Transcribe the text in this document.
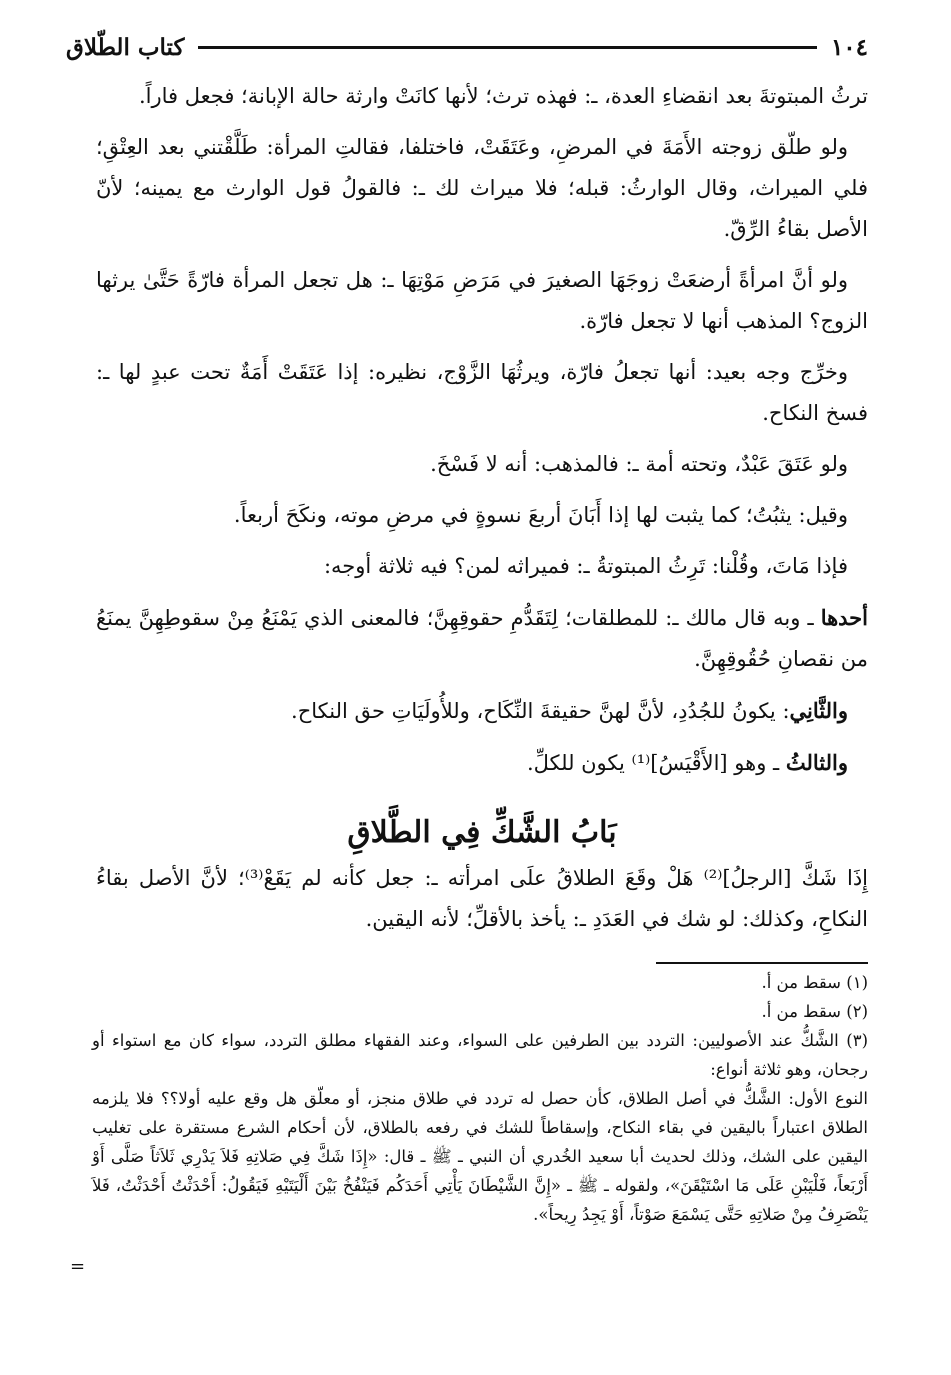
١٠٤
كتاب الطّلاق

ترثُ المبتوتةَ بعد انقضاءِ العدة، ـ: فهذه ترث؛ لأنها كانَتْ وارثة حالة الإبانة؛ فجعل فاراً.

ولو طلّق زوجته الأَمَةَ في المرضِ، وعَتَقَتْ، فاختلفا، فقالتِ المرأة: طَلَّقْتني بعد العِتْقِ؛ فلي الميراث، وقال الوارثُ: قبله؛ فلا ميراث لك ـ: فالقولُ قول الوارث مع يمينه؛ لأنّ الأصل بقاءُ الرِّقّ.

ولو أنَّ امرأةً أرضعَتْ زوجَهَا الصغيرَ في مَرَضِ مَوْتِهَا ـ: هل تجعل المرأة فارّةً حَتَّىٰ يرثها الزوج؟ المذهب أنها لا تجعل فارّة.

وخرِّج وجه بعيد: أنها تجعلُ فارّة، ويرثُهَا الزَّوْج، نظيره: إذا عَتَقَتْ أَمَةٌ تحت عبدٍ لها ـ: فسخ النكاح.

ولو عَتَقَ عَبْدٌ، وتحته أمة ـ: فالمذهب: أنه لا فَسْخَ.

وقيل: يثبُتُ؛ كما يثبت لها إذا أَبَانَ أربعَ نسوةٍ في مرضِ موته، ونكَحَ أربعاً.

فإذا مَاتَ، وقُلْنا: تَرِثُ المبتوتةُ ـ: فميراثه لمن؟ فيه ثلاثة أوجه:

أحدها ـ وبه قال مالك ـ: للمطلقات؛ لِتَقَدُّمِ حقوقِهِنَّ؛ فالمعنى الذي يَمْنَعُ مِنْ سقوطِهِنَّ يمنَعُ من نقصانِ حُقُوقِهِنَّ.

والثَّانِي: يكونُ للجُدُدِ، لأنَّ لهنَّ حقيقةَ النِّكَاح، وللأُولَيَاتِ حق النكاح.

والثالثُ ـ وهو [الأَقْيَسُ]⁽¹⁾ يكون للكلِّ.

بَابُ الشَّكِّ فِي الطَّلاقِ

إِذَا شَكَّ [الرجلُ]⁽²⁾ هَلْ وقَعَ الطلاقُ علَى امرأته ـ: جعل كأنه لم يَقَعْ⁽³⁾؛ لأنَّ الأصل بقاءُ النكاحِ، وكذلك: لو شك في العَدَدِ ـ: يأخذ بالأقلِّ؛ لأنه اليقين.

(١) سقط من أ.

(٢) سقط من أ.

(٣) الشَّكُّ عند الأصوليين: التردد بين الطرفين على السواء، وعند الفقهاء مطلق التردد، سواء كان مع استواء أو رجحان، وهو ثلاثة أنواع:

النوع الأول: الشَّكُّ في أصل الطلاق، كأن حصل له تردد في طلاق منجز، أو معلّق هل وقع عليه أولا؟؟ فلا يلزمه الطلاق اعتباراً باليقين في بقاء النكاح، وإسقاطاً للشك في رفعه بالطلاق، لأن أحكام الشرع مستقرة على تغليب اليقين على الشك، وذلك لحديث أبا سعيد الخُدري أن النبي ـ ﷺ ـ قال: «إِذَا شَكَّ فِي صَلاتِهِ فَلاَ يَدْرِي ثَلاَثاً صَلَّى أَوْ أَرْبَعاً، فَلْيَبْنِ عَلَى مَا اسْتَيْقَنَ»، ولقوله ـ ﷺ ـ «إِنَّ الشَّيْطَانَ يَأْتِي أَحَدَكُم فَيَنْفُخُ بَيْنَ أَلْيَتَيْهِ فَيَقُولُ: أَحْدَثْتُ أَحْدَثْتُ، فَلاَ يَنْصَرِفُ مِنْ صَلاتِهِ حَتَّى يَسْمَعَ صَوْتاً، أَوْ يَجِدُ رِيحاً».

=
